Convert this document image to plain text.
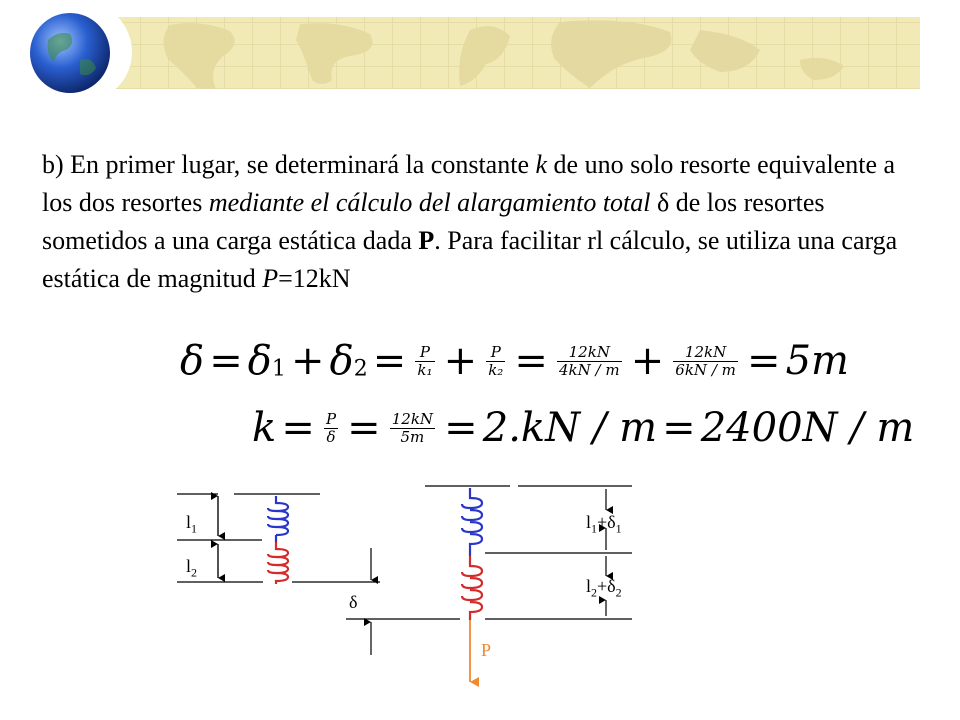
b) En primer lugar, se determinará la constante k de uno solo resorte equivalente a los dos resortes mediante el cálculo del alargamiento total δ de los resortes sometidos a una carga estática dada P. Para facilitar rl cálculo, se utiliza una carga estática de magnitud P=12kN

$\delta = \delta_1 + \delta_2 = \frac{P}{\text{k₁}} + \frac{P}{\text{k₂}} = \frac{12kN}{4kN / m} + \frac{12kN}{6kN / m} = 5m$
$k = \frac{P}{\delta} = \frac{12kN}{5m} = 2.kN / m = 2400N / m$
$l_1$
$l_2$
δ
$l_1+\delta_1$
$l_2+\delta_2$
P
